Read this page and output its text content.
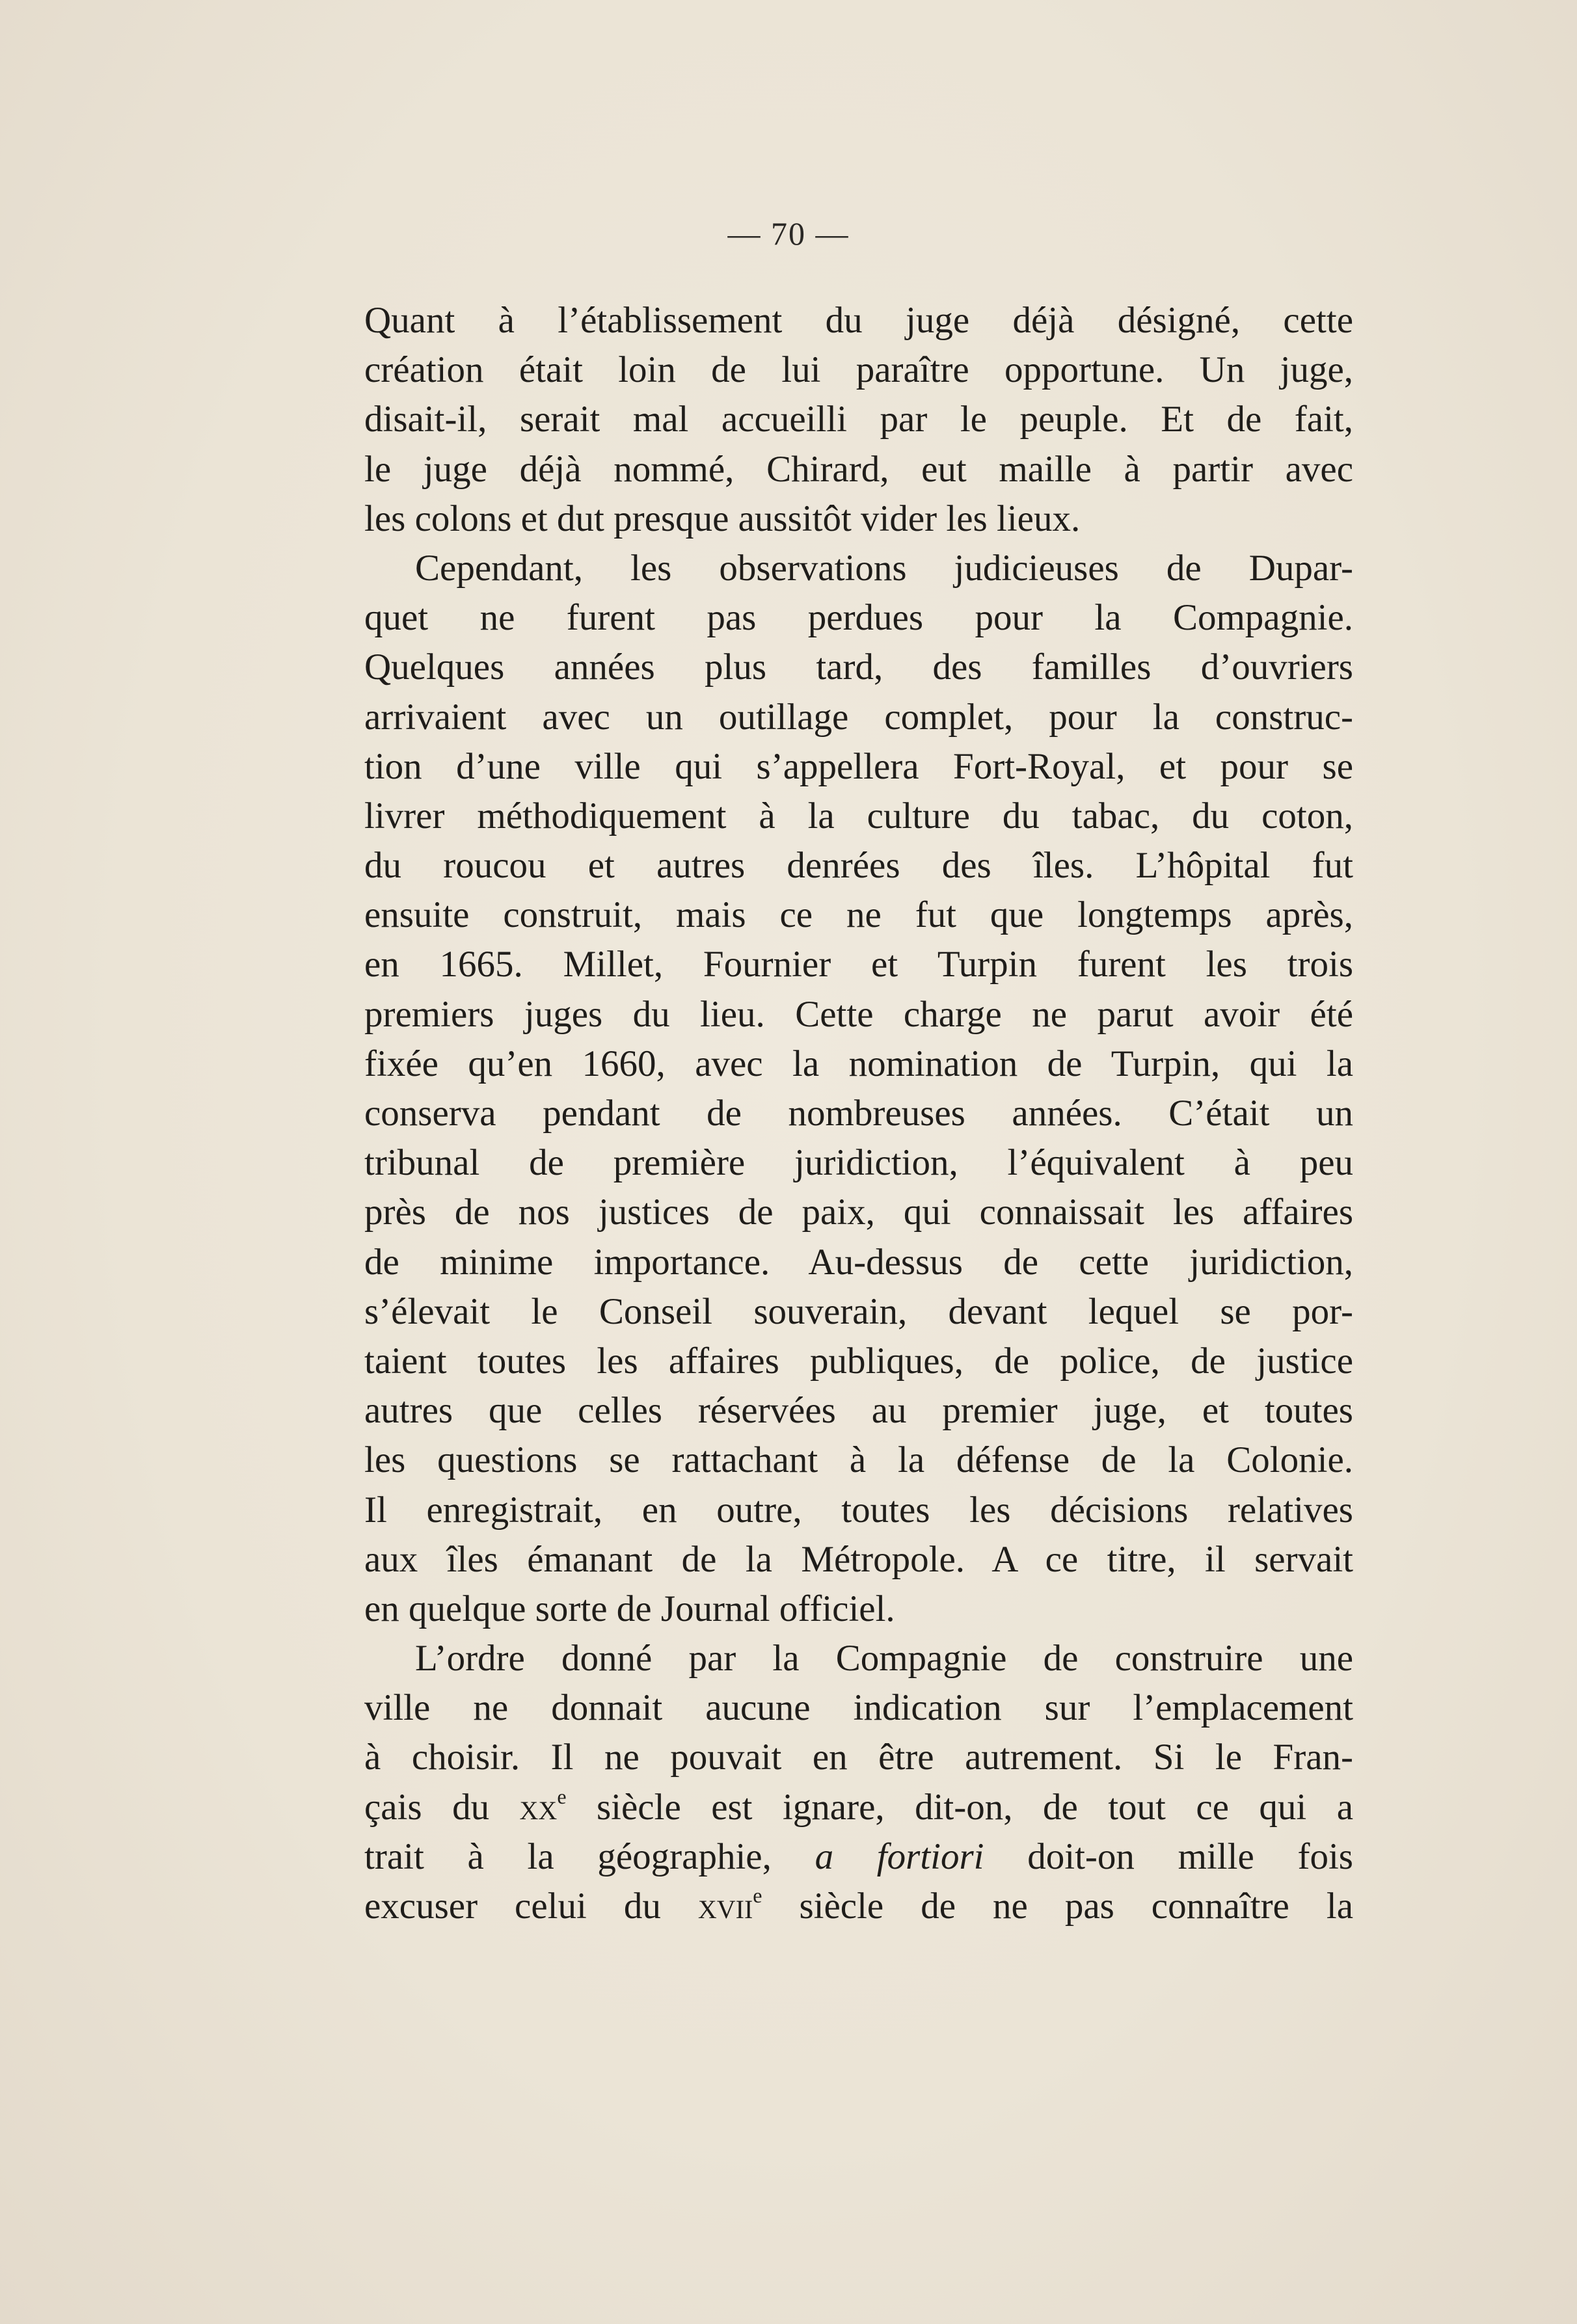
— 70 —
Quant à l’établissement du juge déjà désigné, cette
création était loin de lui paraître opportune. Un juge,
disait-il, serait mal accueilli par le peuple. Et de fait,
le juge déjà nommé, Chirard, eut maille à partir avec
les colons et dut presque aussitôt vider les lieux.
Cependant, les observations judicieuses de Dupar-
quet ne furent pas perdues pour la Compagnie.
Quelques années plus tard, des familles d’ouvriers
arrivaient avec un outillage complet, pour la construc-
tion d’une ville qui s’appellera Fort-Royal, et pour se
livrer méthodiquement à la culture du tabac, du coton,
du roucou et autres denrées des îles. L’hôpital fut
ensuite construit, mais ce ne fut que longtemps après,
en 1665. Millet, Fournier et Turpin furent les trois
premiers juges du lieu. Cette charge ne parut avoir été
fixée qu’en 1660, avec la nomination de Turpin, qui la
conserva pendant de nombreuses années. C’était un
tribunal de première juridiction, l’équivalent à peu
près de nos justices de paix, qui connaissait les affaires
de minime importance. Au-dessus de cette juridiction,
s’élevait le Conseil souverain, devant lequel se por-
taient toutes les affaires publiques, de police, de justice
autres que celles réservées au premier juge, et toutes
les questions se rattachant à la défense de la Colonie.
Il enregistrait, en outre, toutes les décisions relatives
aux îles émanant de la Métropole. A ce titre, il servait
en quelque sorte de Journal officiel.
L’ordre donné par la Compagnie de construire une
ville ne donnait aucune indication sur l’emplacement
à choisir. Il ne pouvait en être autrement. Si le Fran-
çais du $xx^e$ siècle est ignare, dit-on, de tout ce qui a
trait à la géographie, a fortiori doit-on mille fois
excuser celui du xvii$^e$ siècle de ne pas connaître la
